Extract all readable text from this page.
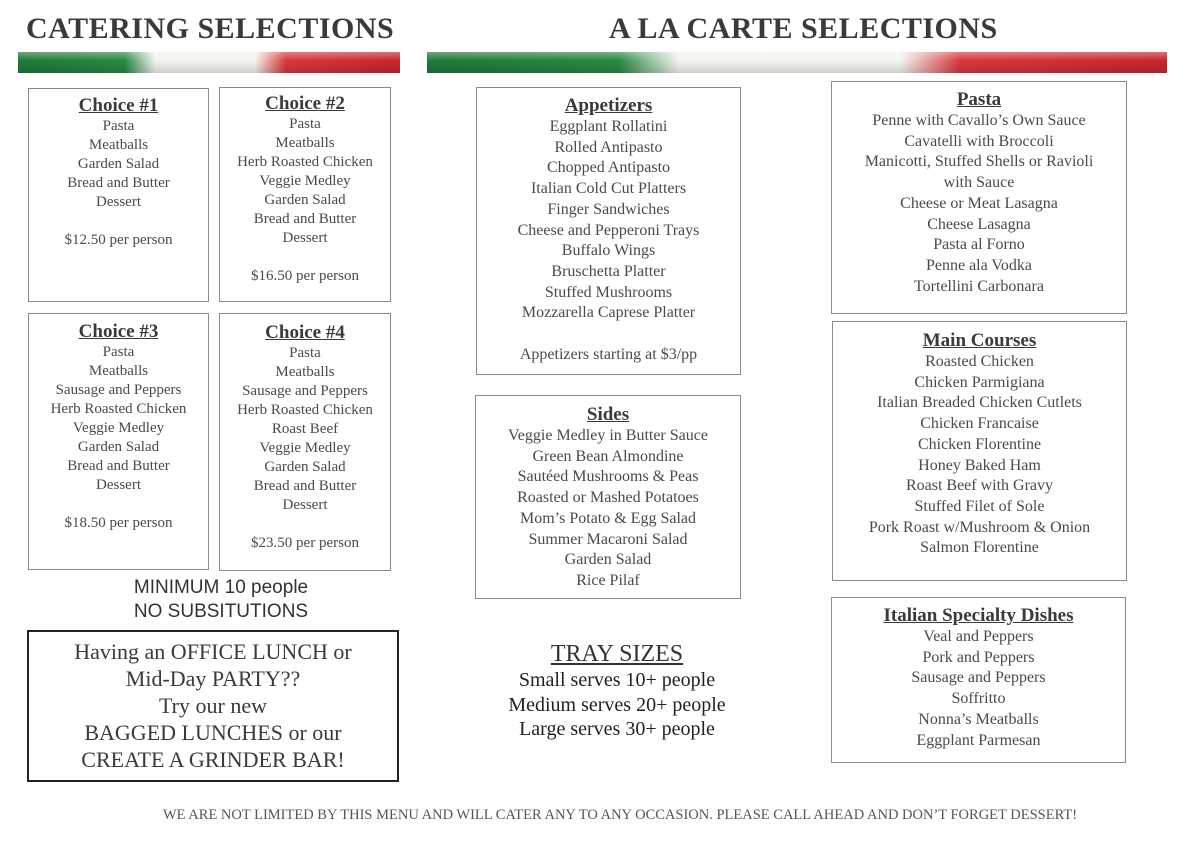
CATERING SELECTIONS	A LA CARTE SELECTIONS
Choice #1
Pasta
Meatballs
Garden Salad
Bread and Butter
Dessert
$12.50 per person
Choice #2
Pasta
Meatballs
Herb Roasted Chicken
Veggie Medley
Garden Salad
Bread and Butter
Dessert
$16.50 per person
Choice #3
Pasta
Meatballs
Sausage and Peppers
Herb Roasted Chicken
Veggie Medley
Garden Salad
Bread and Butter
Dessert
$18.50 per person
Choice #4
Pasta
Meatballs
Sausage and Peppers
Herb Roasted Chicken
Roast Beef
Veggie Medley
Garden Salad
Bread and Butter
Dessert
$23.50 per person
MINIMUM 10 people
NO SUBSITUTIONS
Having an OFFICE LUNCH or
Mid-Day PARTY??
Try our new
BAGGED LUNCHES or our
CREATE A GRINDER BAR!
Appetizers
Eggplant Rollatini
Rolled Antipasto
Chopped Antipasto
Italian Cold Cut Platters
Finger Sandwiches
Cheese and Pepperoni Trays
Buffalo Wings
Bruschetta Platter
Stuffed Mushrooms
Mozzarella Caprese Platter
Appetizers starting at $3/pp
Sides
Veggie Medley in Butter Sauce
Green Bean Almondine
Sautéed Mushrooms & Peas
Roasted or Mashed Potatoes
Mom’s Potato & Egg Salad
Summer Macaroni Salad
Garden Salad
Rice Pilaf
TRAY SIZES
Small serves 10+ people
Medium serves 20+ people
Large serves 30+ people
Pasta
Penne with Cavallo’s Own Sauce
Cavatelli with Broccoli
Manicotti, Stuffed Shells or Ravioli
with Sauce
Cheese or Meat Lasagna
Cheese Lasagna
Pasta al Forno
Penne ala Vodka
Tortellini Carbonara
Main Courses
Roasted Chicken
Chicken Parmigiana
Italian Breaded Chicken Cutlets
Chicken Francaise
Chicken Florentine
Honey Baked Ham
Roast Beef with Gravy
Stuffed Filet of Sole
Pork Roast w/Mushroom & Onion
Salmon Florentine
Italian Specialty Dishes
Veal and Peppers
Pork and Peppers
Sausage and Peppers
Soffritto
Nonna’s Meatballs
Eggplant Parmesan
WE ARE NOT LIMITED BY THIS MENU AND WILL CATER ANY TO ANY OCCASION. PLEASE CALL AHEAD AND DON’T FORGET DESSERT!
